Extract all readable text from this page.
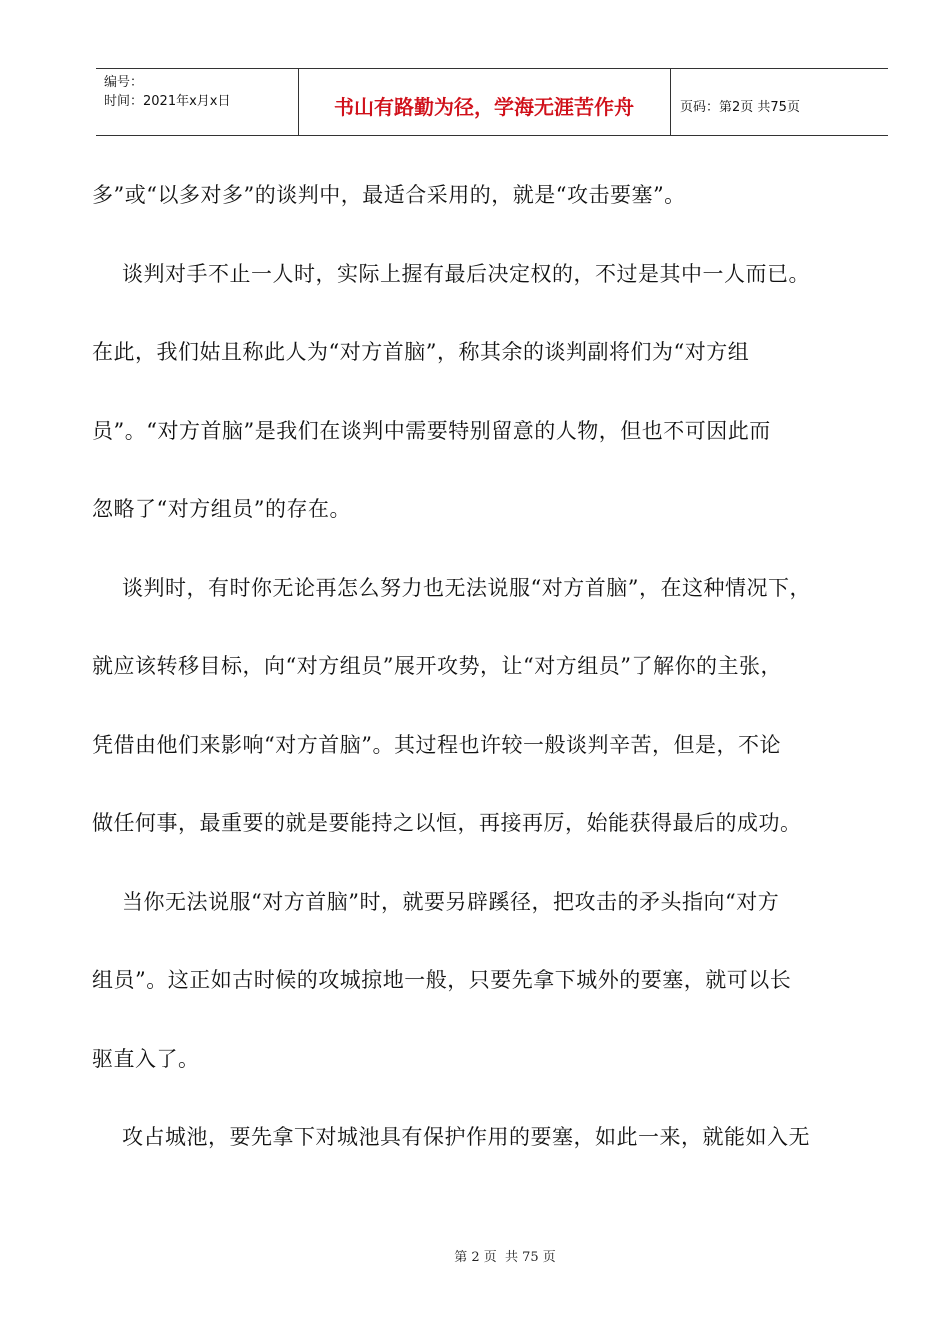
编号：
时间：2021年x月x日	书山有路勤为径，学海无涯苦作舟	页码：第2页 共75页
多”或“以多对多”的谈判中，最适合采用的，就是“攻击要塞”。
谈判对手不止一人时，实际上握有最后决定权的，不过是其中一人而已。
在此，我们姑且称此人为“对方首脑”，称其余的谈判副将们为“对方组
员”。“对方首脑”是我们在谈判中需要特别留意的人物，但也不可因此而
忽略了“对方组员”的存在。
谈判时，有时你无论再怎么努力也无法说服“对方首脑”，在这种情况下，
就应该转移目标，向“对方组员”展开攻势，让“对方组员”了解你的主张，
凭借由他们来影响“对方首脑”。其过程也许较一般谈判辛苦，但是，不论
做任何事，最重要的就是要能持之以恒，再接再厉，始能获得最后的成功。
当你无法说服“对方首脑”时，就要另辟蹊径，把攻击的矛头指向“对方
组员”。这正如古时候的攻城掠地一般，只要先拿下城外的要塞，就可以长
驱直入了。
攻占城池，要先拿下对城池具有保护作用的要塞，如此一来，就能如入无
第 2 页  共 75 页
